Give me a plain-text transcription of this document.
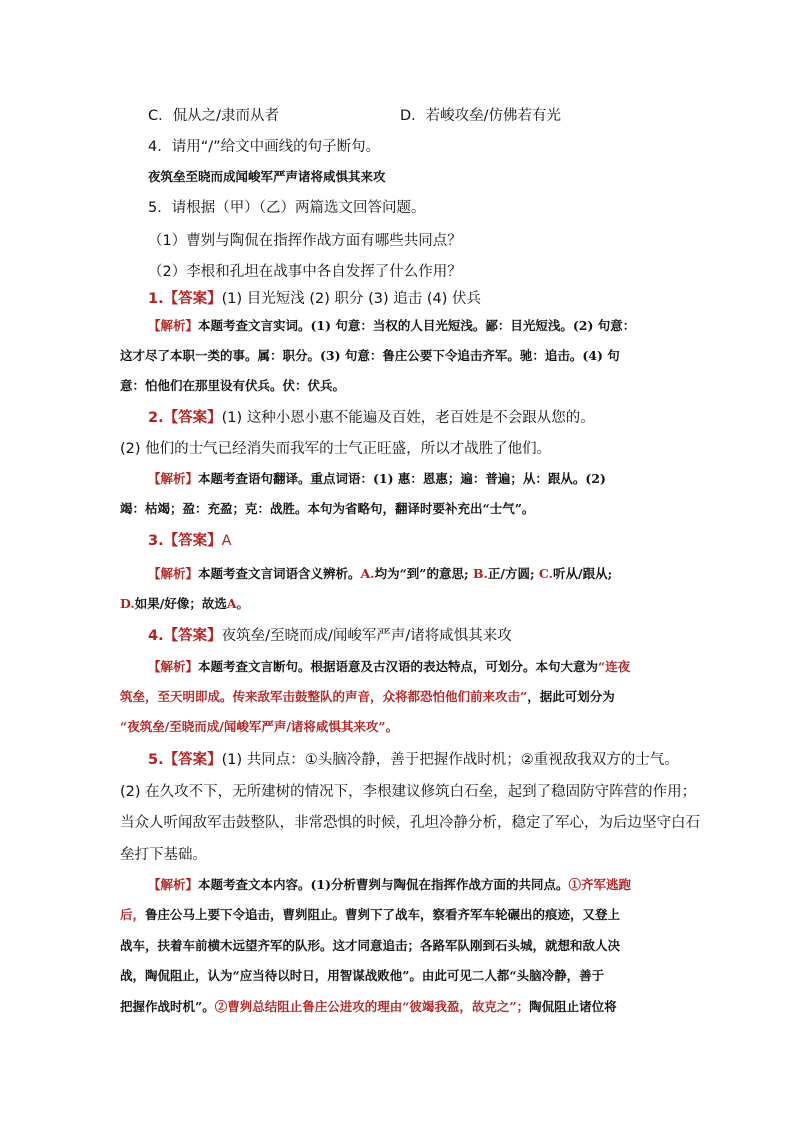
C．侃从之/隶而从者	D．若峻攻垒/仿佛若有光
4．请用“/”给文中画线的句子断句。
夜筑垒至晓而成闻峻军严声诸将咸惧其来攻
5．请根据（甲）（乙）两篇选文回答问题。
（1）曹刿与陶侃在指挥作战方面有哪些共同点？
（2）李根和孔坦在战事中各自发挥了什么作用？
1.【答案】(1) 目光短浅 (2) 职分 (3) 追击 (4) 伏兵
【解析】本题考查文言实词。(1) 句意：当权的人目光短浅。鄙：目光短浅。(2) 句意：
这才尽了本职一类的事。属：职分。(3) 句意：鲁庄公要下令追击齐军。驰：追击。(4) 句
意：怕他们在那里设有伏兵。伏：伏兵。
2.【答案】(1) 这种小恩小惠不能遍及百姓，老百姓是不会跟从您的。
(2) 他们的士气已经消失而我军的士气正旺盛，所以才战胜了他们。
【解析】本题考查语句翻译。重点词语：(1) 惠：恩惠；遍：普遍；从：跟从。(2)
竭：枯竭；盈：充盈；克：战胜。本句为省略句，翻译时要补充出“士气”。
3.【答案】A
【解析】本题考查文言词语含义辨析。A.均为“到”的意思; B.正/方圆; C.听从/跟从;
D.如果/好像；故选A。
4.【答案】夜筑垒/至晓而成/闻峻军严声/诸将咸惧其来攻
【解析】本题考查文言断句。根据语意及古汉语的表达特点，可划分。本句大意为“连夜
筑垒，至天明即成。传来敌军击鼓整队的声音，众将都恐怕他们前来攻击”，据此可划分为
“夜筑垒/至晓而成/闻峻军严声/诸将咸惧其来攻”。
5.【答案】(1) 共同点：①头脑冷静，善于把握作战时机；②重视敌我双方的士气。
(2) 在久攻不下，无所建树的情况下，李根建议修筑白石垒，起到了稳固防守阵营的作用；
当众人听闻敌军击鼓整队，非常恐惧的时候，孔坦冷静分析，稳定了军心，为后边坚守白石
垒打下基础。
【解析】本题考查文本内容。(1)分析曹刿与陶侃在指挥作战方面的共同点。①齐军逃跑
后，鲁庄公马上要下令追击，曹刿阻止。曹刿下了战车，察看齐军车轮碾出的痕迹，又登上
战车，扶着车前横木远望齐军的队形。这才同意追击；各路军队刚到石头城，就想和敌人决
战，陶侃阻止，认为“应当待以时日，用智谋战败他”。由此可见二人都“头脑冷静，善于
把握作战时机”。②曹刿总结阻止鲁庄公进攻的理由“彼竭我盈，故克之”；陶侃阻止诸位将
